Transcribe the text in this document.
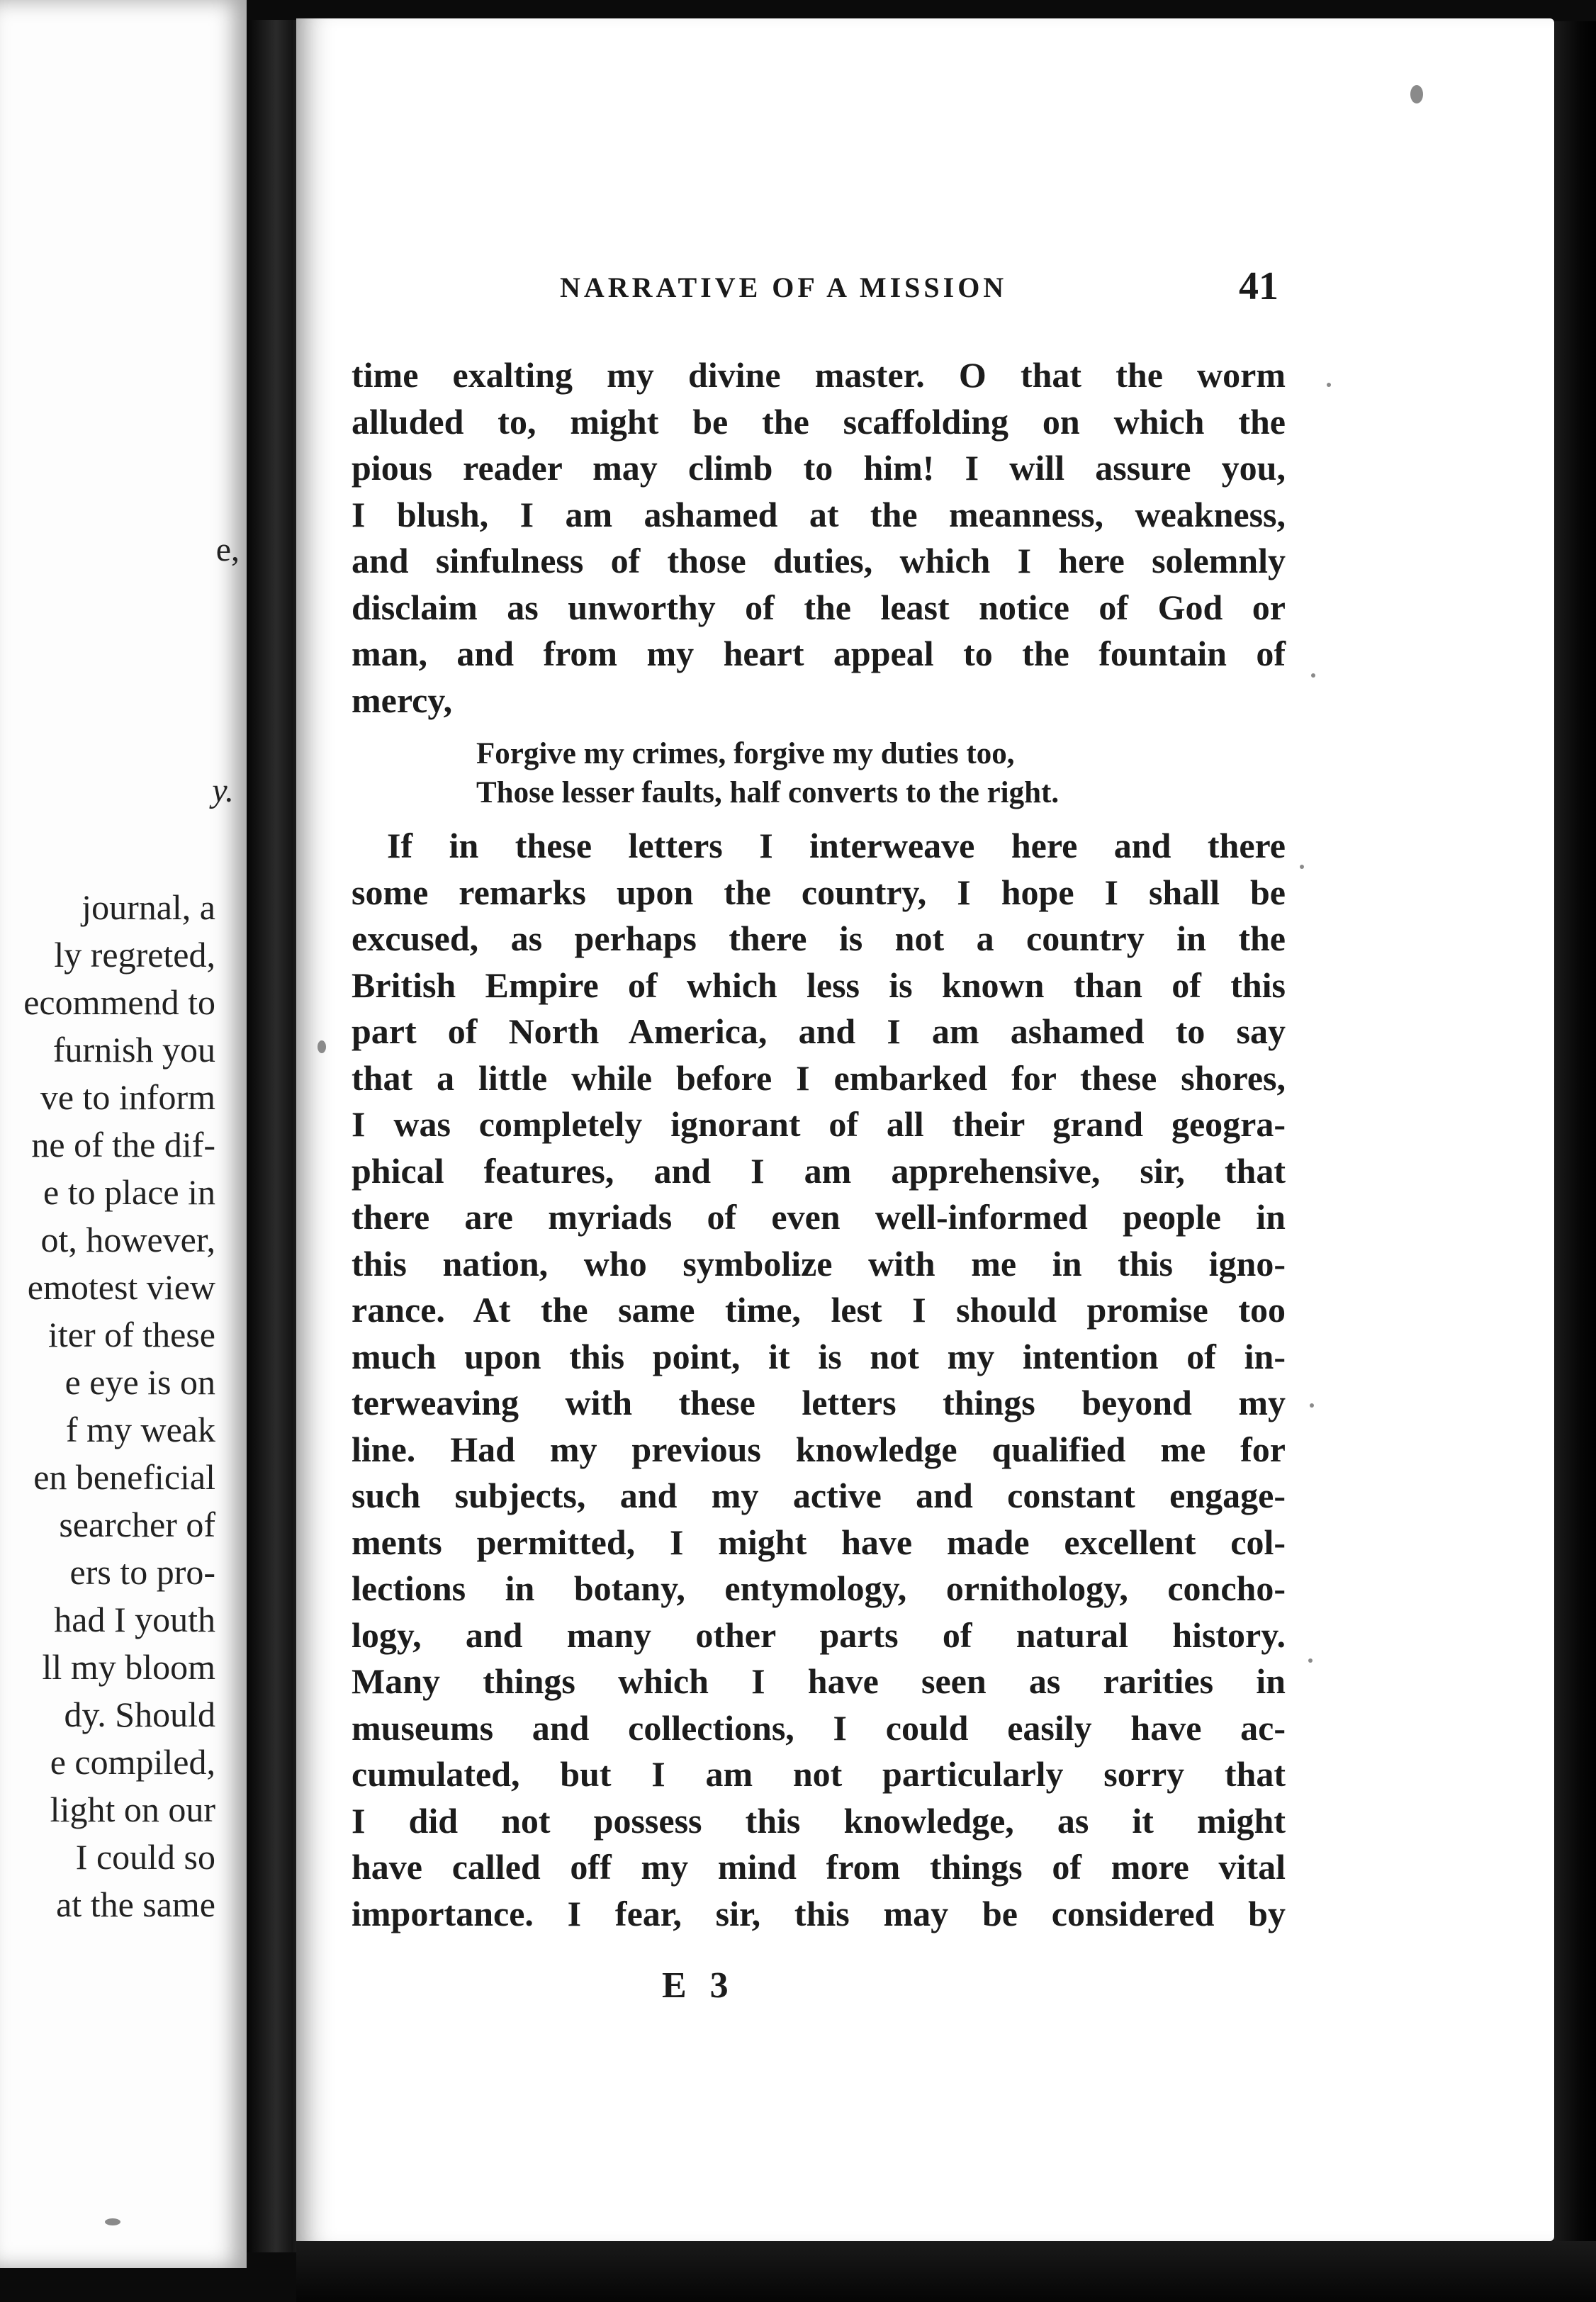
e,

y.

journal, a

ly regreted,

ecommend to

furnish you

ve to inform

ne of the dif-

e to place in

ot, however,

emotest view

iter of these

e eye is on

f my weak

en beneficial

searcher of

ers to pro-

had I youth

ll my bloom

dy. Should

e compiled,

light on our

I could so

at the same

NARRATIVE OF A MISSION	41

time exalting my divine master. O that the worm
alluded to, might be the scaffolding on which the
pious reader may climb to him! I will assure you,
I blush, I am ashamed at the meanness, weakness,
and sinfulness of those duties, which I here solemnly
disclaim as unworthy of the least notice of God or
man, and from my heart appeal to the fountain of
mercy,
Forgive my crimes, forgive my duties too,
Those lesser faults, half converts to the right.
If in these letters I interweave here and there
some remarks upon the country, I hope I shall be
excused, as perhaps there is not a country in the
British Empire of which less is known than of this
part of North America, and I am ashamed to say
that a little while before I embarked for these shores,
I was completely ignorant of all their grand geogra-
phical features, and I am apprehensive, sir, that
there are myriads of even well-informed people in
this nation, who symbolize with me in this igno-
rance. At the same time, lest I should promise too
much upon this point, it is not my intention of in-
terweaving with these letters things beyond my
line. Had my previous knowledge qualified me for
such subjects, and my active and constant engage-
ments permitted, I might have made excellent col-
lections in botany, entymology, ornithology, concho-
logy, and many other parts of natural history.
Many things which I have seen as rarities in
museums and collections, I could easily have ac-
cumulated, but I am not particularly sorry that
I did not possess this knowledge, as it might
have called off my mind from things of more vital
importance. I fear, sir, this may be considered by

E 3
